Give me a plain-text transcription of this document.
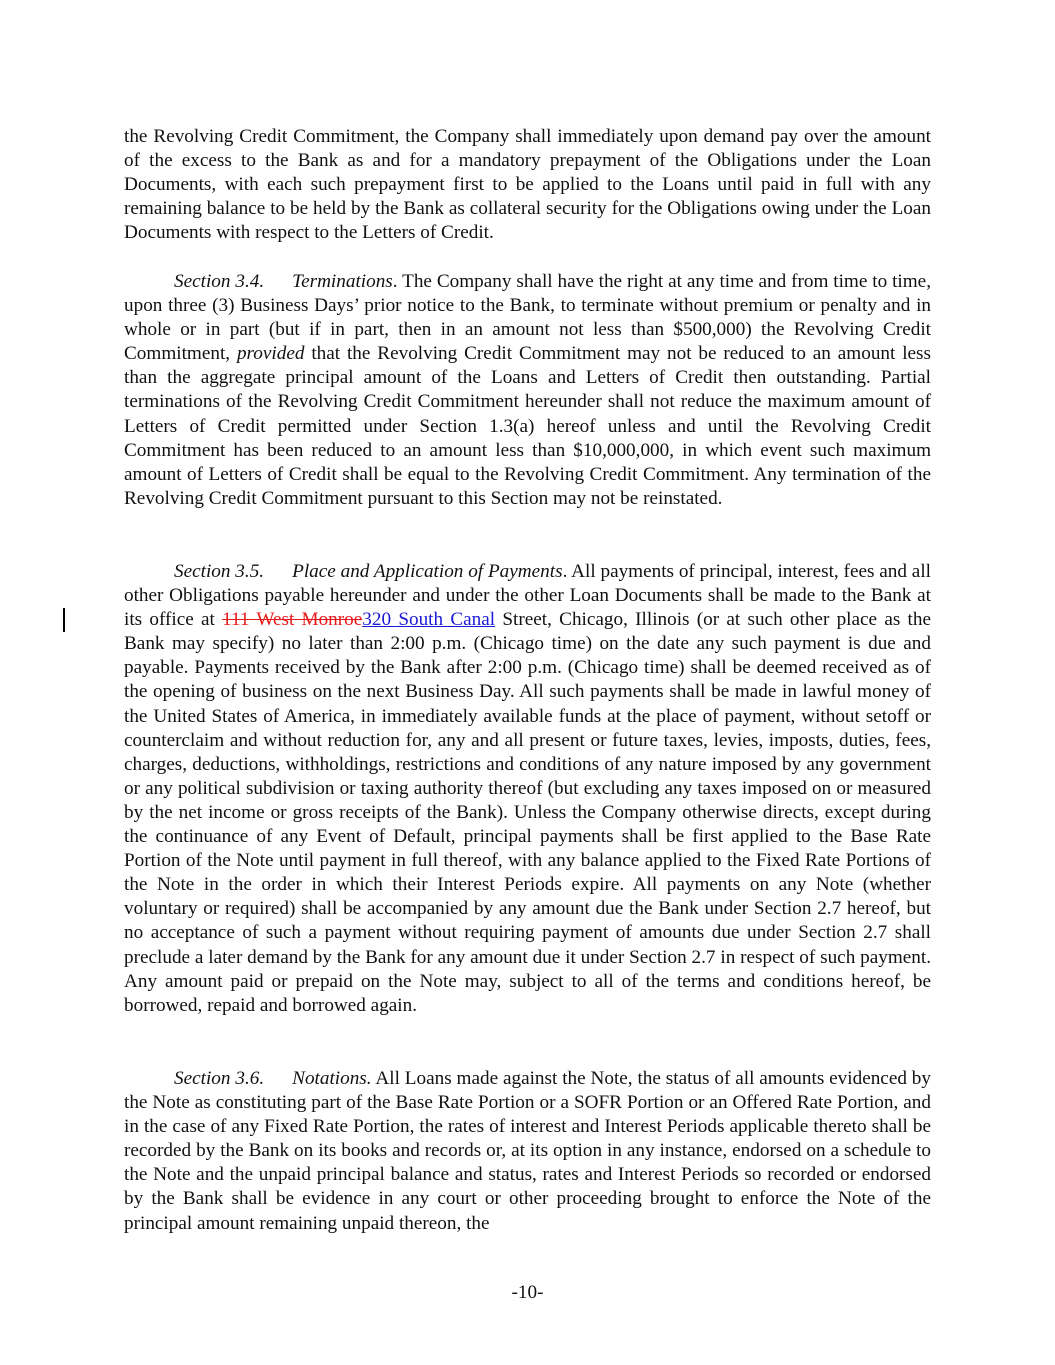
the Revolving Credit Commitment, the Company shall immediately upon demand pay over the amount of the excess to the Bank as and for a mandatory prepayment of the Obligations under the Loan Documents, with each such prepayment first to be applied to the Loans until paid in full with any remaining balance to be held by the Bank as collateral security for the Obligations owing under the Loan Documents with respect to the Letters of Credit.

Section 3.4. Terminations. The Company shall have the right at any time and from time to time, upon three (3) Business Days’ prior notice to the Bank, to terminate without premium or penalty and in whole or in part (but if in part, then in an amount not less than $500,000) the Revolving Credit Commitment, provided that the Revolving Credit Commitment may not be reduced to an amount less than the aggregate principal amount of the Loans and Letters of Credit then outstanding. Partial terminations of the Revolving Credit Commitment hereunder shall not reduce the maximum amount of Letters of Credit permitted under Section 1.3(a) hereof unless and until the Revolving Credit Commitment has been reduced to an amount less than $10,000,000, in which event such maximum amount of Letters of Credit shall be equal to the Revolving Credit Commitment. Any termination of the Revolving Credit Commitment pursuant to this Section may not be reinstated.

Section 3.5. Place and Application of Payments. All payments of principal, interest, fees and all other Obligations payable hereunder and under the other Loan Documents shall be made to the Bank at its office at 111 West Monroe320 South Canal Street, Chicago, Illinois (or at such other place as the Bank may specify) no later than 2:00 p.m. (Chicago time) on the date any such payment is due and payable. Payments received by the Bank after 2:00 p.m. (Chicago time) shall be deemed received as of the opening of business on the next Business Day. All such payments shall be made in lawful money of the United States of America, in immediately available funds at the place of payment, without setoff or counterclaim and without reduction for, any and all present or future taxes, levies, imposts, duties, fees, charges, deductions, withholdings, restrictions and conditions of any nature imposed by any government or any political subdivision or taxing authority thereof (but excluding any taxes imposed on or measured by the net income or gross receipts of the Bank). Unless the Company otherwise directs, except during the continuance of any Event of Default, principal payments shall be first applied to the Base Rate Portion of the Note until payment in full thereof, with any balance applied to the Fixed Rate Portions of the Note in the order in which their Interest Periods expire. All payments on any Note (whether voluntary or required) shall be accompanied by any amount due the Bank under Section 2.7 hereof, but no acceptance of such a payment without requiring payment of amounts due under Section 2.7 shall preclude a later demand by the Bank for any amount due it under Section 2.7 in respect of such payment. Any amount paid or prepaid on the Note may, subject to all of the terms and conditions hereof, be borrowed, repaid and borrowed again.

Section 3.6. Notations. All Loans made against the Note, the status of all amounts evidenced by the Note as constituting part of the Base Rate Portion or a SOFR Portion or an Offered Rate Portion, and in the case of any Fixed Rate Portion, the rates of interest and Interest Periods applicable thereto shall be recorded by the Bank on its books and records or, at its option in any instance, endorsed on a schedule to the Note and the unpaid principal balance and status, rates and Interest Periods so recorded or endorsed by the Bank shall be evidence in any court or other proceeding brought to enforce the Note of the principal amount remaining unpaid thereon, the

-10-
